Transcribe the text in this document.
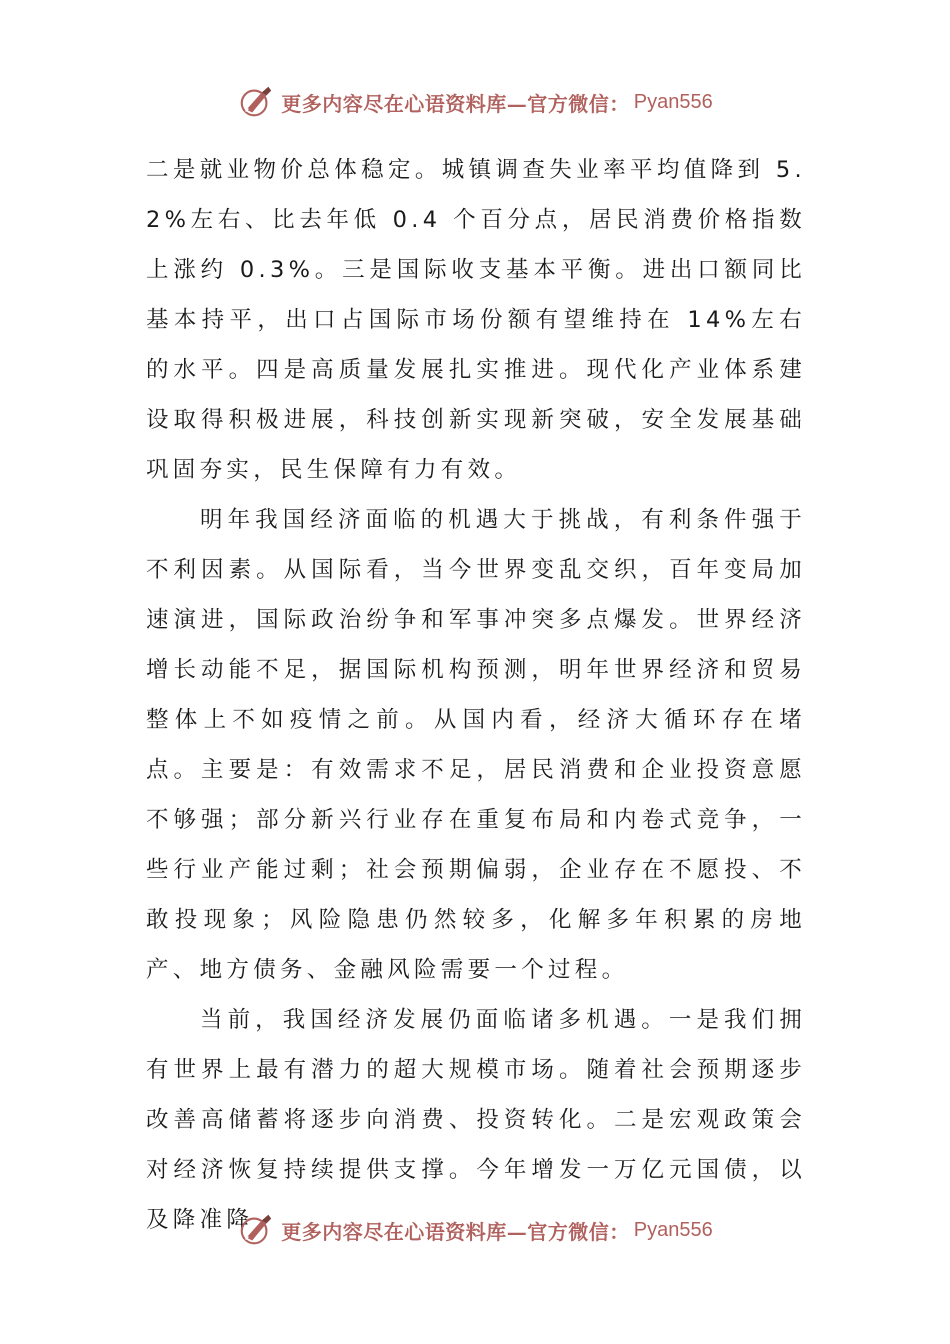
更多内容尽在心语资料库—官方微信： Pyan556

二是就业物价总体稳定。城镇调查失业率平均值降到 5.2%左右、比去年低 0.4 个百分点，居民消费价格指数上涨约 0.3%。三是国际收支基本平衡。进出口额同比基本持平，出口占国际市场份额有望维持在 14%左右的水平。四是高质量发展扎实推进。现代化产业体系建设取得积极进展，科技创新实现新突破，安全发展基础巩固夯实，民生保障有力有效。

明年我国经济面临的机遇大于挑战，有利条件强于不利因素。从国际看，当今世界变乱交织，百年变局加速演进，国际政治纷争和军事冲突多点爆发。世界经济增长动能不足，据国际机构预测，明年世界经济和贸易整体上不如疫情之前。从国内看，经济大循环存在堵点。主要是：有效需求不足，居民消费和企业投资意愿不够强；部分新兴行业存在重复布局和内卷式竞争，一些行业产能过剩；社会预期偏弱，企业存在不愿投、不敢投现象；风险隐患仍然较多，化解多年积累的房地产、地方债务、金融风险需要一个过程。

当前，我国经济发展仍面临诸多机遇。一是我们拥有世界上最有潜力的超大规模市场。随着社会预期逐步改善高储蓄将逐步向消费、投资转化。二是宏观政策会对经济恢复持续提供支撑。今年增发一万亿元国债，以及降准降	更多内容尽在心语资料库—官方微信： Pyan556
